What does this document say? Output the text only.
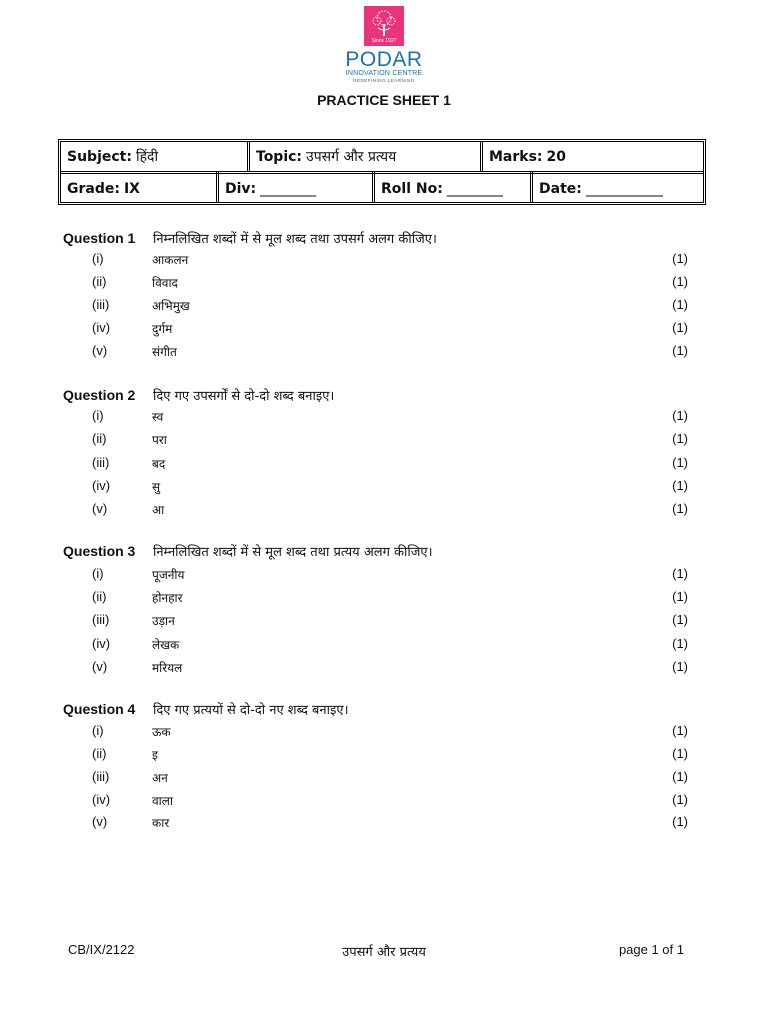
Since 1927
PODAR
INNOVATION CENTRE
REDEFINING LEARNING
PRACTICE SHEET 1
Subject: हिंदी	Topic: उपसर्ग और प्रत्यय	Marks: 20
Grade: IX	Div: ________	Roll No: ________	Date: ___________
Question 1	निम्नलिखित शब्दों में से मूल शब्द तथा उपसर्ग अलग कीजिए।
(i)	आकलन	(1)
(ii)	विवाद	(1)
(iii)	अभिमुख	(1)
(iv)	दुर्गम	(1)
(v)	संगीत	(1)
Question 2	दिए गए उपसर्गों से दो-दो शब्द बनाइए।
(i)	स्व	(1)
(ii)	परा	(1)
(iii)	बद	(1)
(iv)	सु	(1)
(v)	आ	(1)
Question 3	निम्नलिखित शब्दों में से मूल शब्द तथा प्रत्यय अलग कीजिए।
(i)	पूजनीय	(1)
(ii)	होनहार	(1)
(iii)	उड़ान	(1)
(iv)	लेखक	(1)
(v)	मरियल	(1)
Question 4	दिए गए प्रत्ययों से दो-दो नए शब्द बनाइए।
(i)	ऊक	(1)
(ii)	इ	(1)
(iii)	अन	(1)
(iv)	वाला	(1)
(v)	कार	(1)
CB/IX/2122	उपसर्ग और प्रत्यय	page 1 of 1
